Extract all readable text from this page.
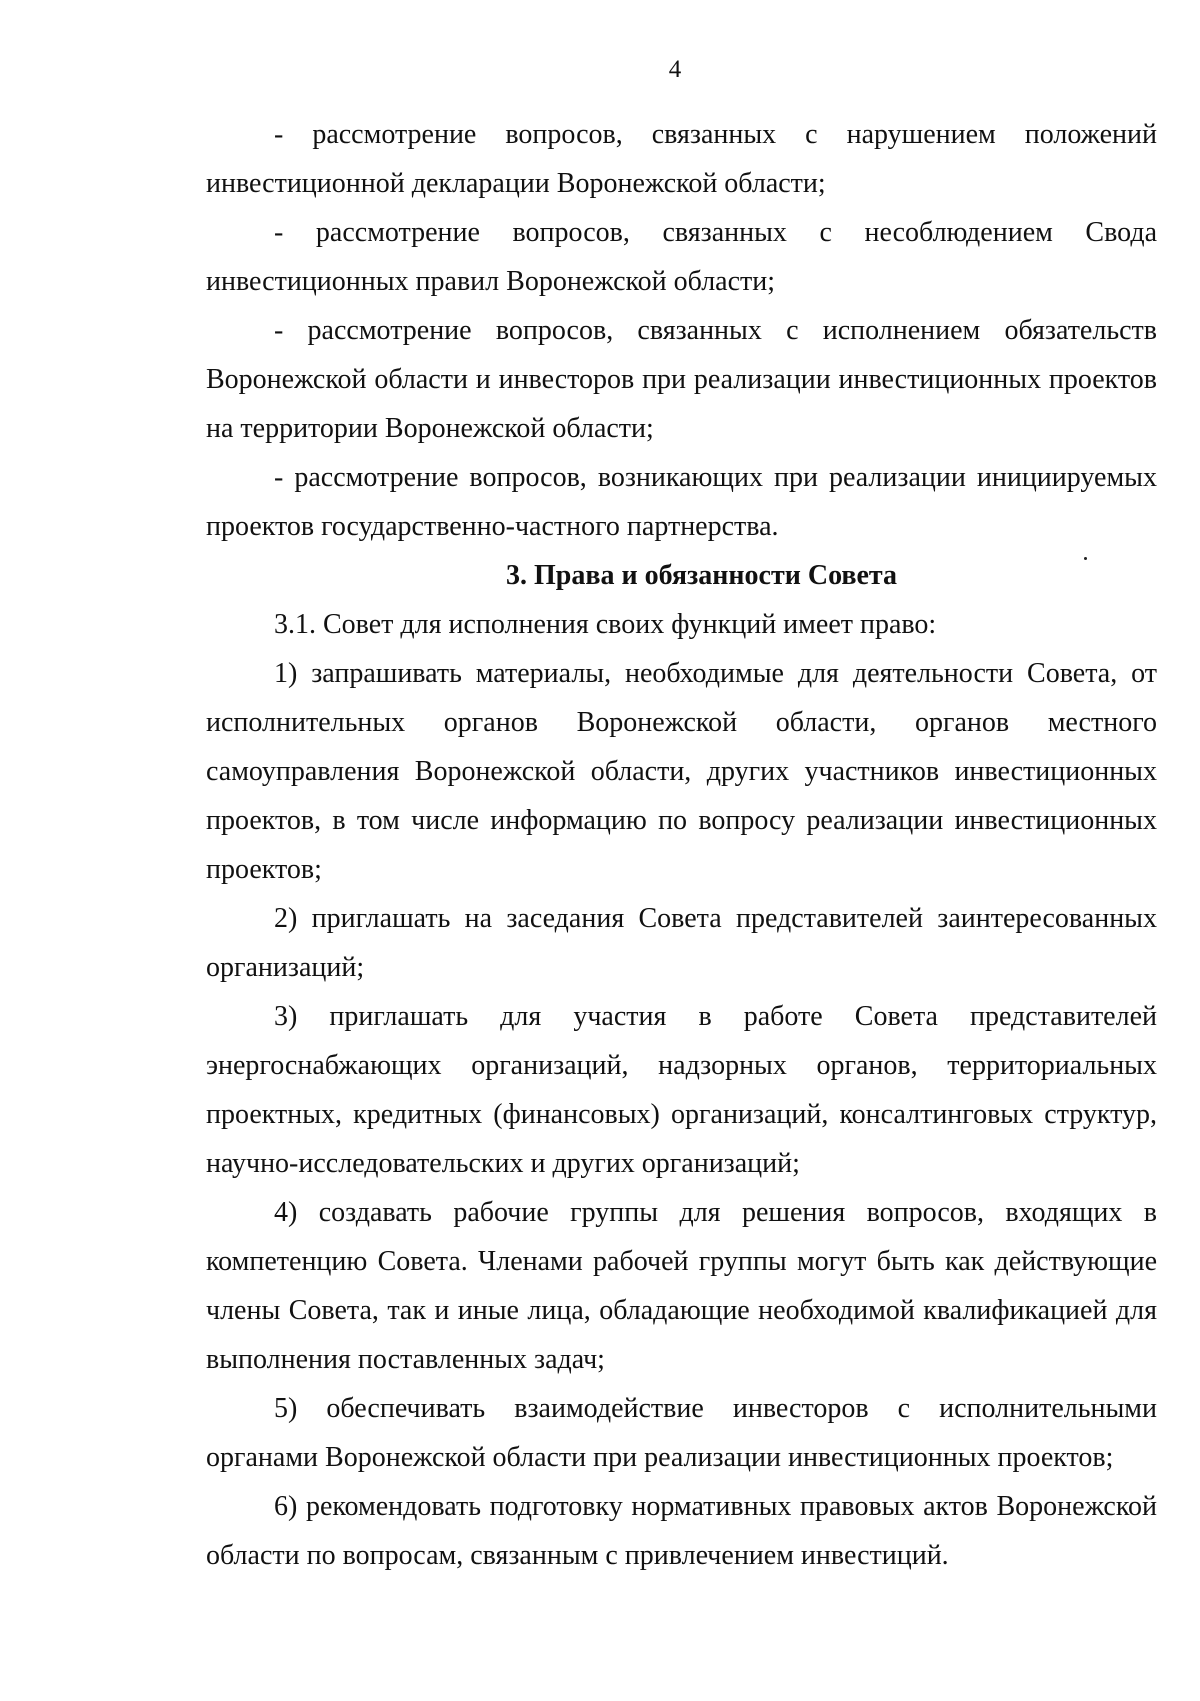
4

- рассмотрение вопросов, связанных с нарушением положений инвестиционной декларации Воронежской области;

- рассмотрение вопросов, связанных с несоблюдением Свода инвестиционных правил Воронежской области;

- рассмотрение вопросов, связанных с исполнением обязательств Воронежской области и инвесторов при реализации инвестиционных проектов на территории Воронежской области;

- рассмотрение вопросов, возникающих при реализации инициируемых проектов государственно-частного партнерства.

3. Права и обязанности Совета

3.1. Совет для исполнения своих функций имеет право:

1) запрашивать материалы, необходимые для деятельности Совета, от исполнительных органов Воронежской области, органов местного самоуправления Воронежской области, других участников инвестиционных проектов, в том числе информацию по вопросу реализации инвестиционных проектов;

2) приглашать на заседания Совета представителей заинтересованных организаций;

3) приглашать для участия в работе Совета представителей энергоснабжающих организаций, надзорных органов, территориальных проектных, кредитных (финансовых) организаций, консалтинговых структур, научно-исследовательских и других организаций;

4) создавать рабочие группы для решения вопросов, входящих в компетенцию Совета. Членами рабочей группы могут быть как действующие члены Совета, так и иные лица, обладающие необходимой квалификацией для выполнения поставленных задач;

5) обеспечивать взаимодействие инвесторов с исполнительными органами Воронежской области при реализации инвестиционных проектов;

6) рекомендовать подготовку нормативных правовых актов Воронежской области по вопросам, связанным с привлечением инвестиций.
